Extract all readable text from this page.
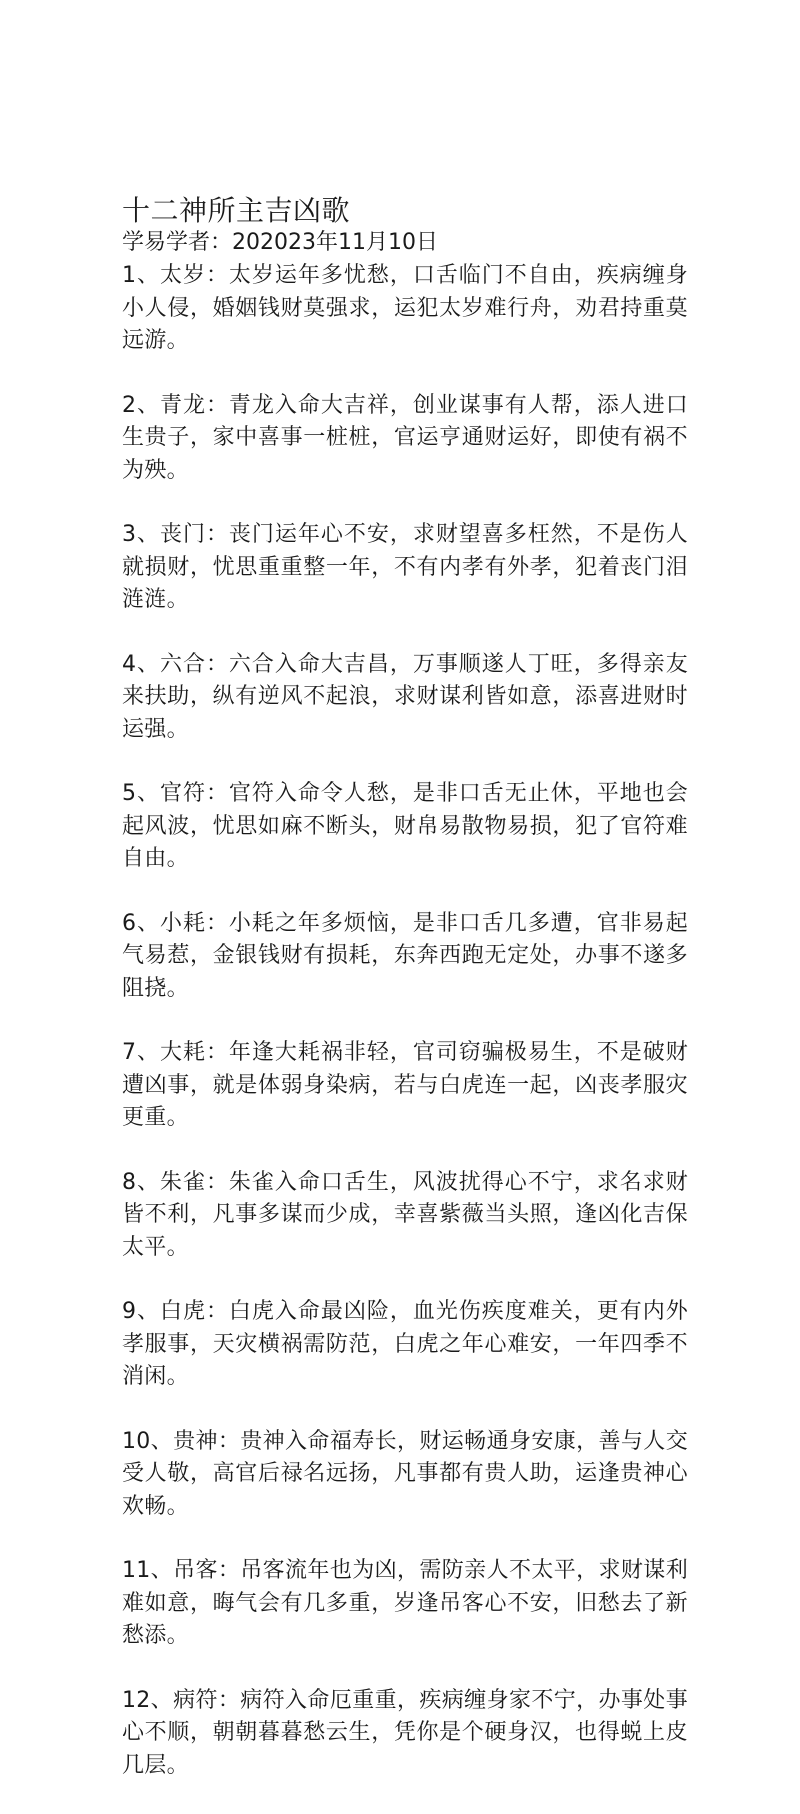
十二神所主吉凶歌

学易学者：202023年11月10日

1、太岁：太岁运年多忧愁，口舌临门不自由，疾病缠身小人侵，婚姻钱财莫强求，运犯太岁难行舟，劝君持重莫远游。
2、青龙：青龙入命大吉祥，创业谋事有人帮，添人进口生贵子，家中喜事一桩桩，官运亨通财运好，即使有祸不为殃。
3、丧门：丧门运年心不安，求财望喜多枉然，不是伤人就损财，忧思重重整一年，不有内孝有外孝，犯着丧门泪涟涟。
4、六合：六合入命大吉昌，万事顺遂人丁旺，多得亲友来扶助，纵有逆风不起浪，求财谋利皆如意，添喜进财时运强。
5、官符：官符入命令人愁，是非口舌无止休，平地也会起风波，忧思如麻不断头，财帛易散物易损，犯了官符难自由。
6、小耗：小耗之年多烦恼，是非口舌几多遭，官非易起气易惹，金银钱财有损耗，东奔西跑无定处，办事不遂多阻挠。
7、大耗：年逢大耗祸非轻，官司窃骗极易生，不是破财遭凶事，就是体弱身染病，若与白虎连一起，凶丧孝服灾更重。
8、朱雀：朱雀入命口舌生，风波扰得心不宁，求名求财皆不利，凡事多谋而少成，幸喜紫薇当头照，逢凶化吉保太平。
9、白虎：白虎入命最凶险，血光伤疾度难关，更有内外孝服事，天灾横祸需防范，白虎之年心难安，一年四季不消闲。
10、贵神：贵神入命福寿长，财运畅通身安康，善与人交受人敬，高官后禄名远扬，凡事都有贵人助，运逢贵神心欢畅。
11、吊客：吊客流年也为凶，需防亲人不太平，求财谋利难如意，晦气会有几多重，岁逢吊客心不安，旧愁去了新愁添。
12、病符：病符入命厄重重，疾病缠身家不宁，办事处事心不顺，朝朝暮暮愁云生，凭你是个硬身汉，也得蜕上皮几层。
